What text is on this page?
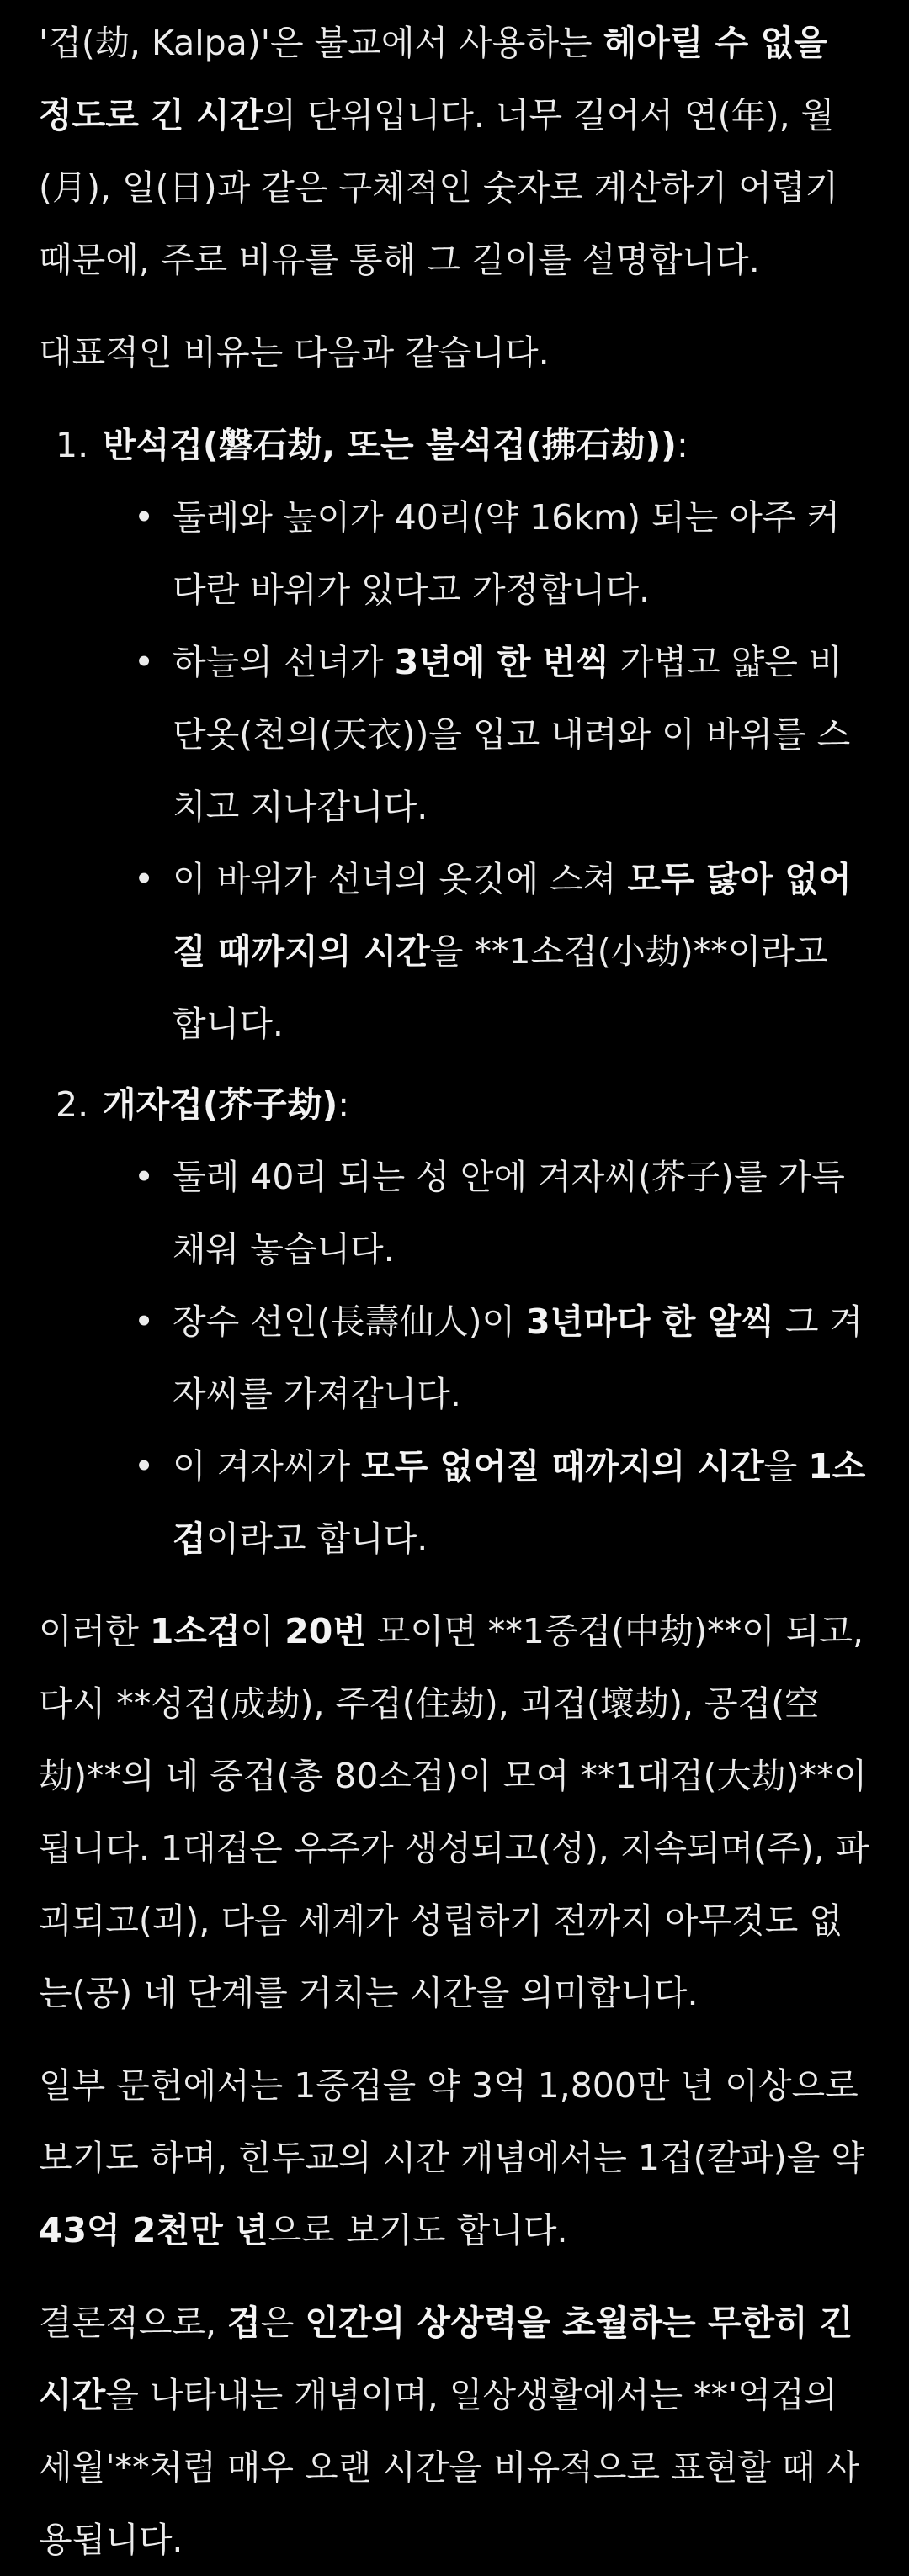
'겁(劫, Kalpa)'은 불교에서 사용하는 헤아릴 수 없을 정도로 긴 시간의 단위입니다. 너무 길어서 연(年), 월(月), 일(日)과 같은 구체적인 숫자로 계산하기 어렵기 때문에, 주로 비유를 통해 그 길이를 설명합니다.

대표적인 비유는 다음과 같습니다.

1. 반석겁(磐石劫, 또는 불석겁(拂石劫)):
• 둘레와 높이가 40리(약 16km) 되는 아주 커다란 바위가 있다고 가정합니다.
• 하늘의 선녀가 3년에 한 번씩 가볍고 얇은 비단옷(천의(天衣))을 입고 내려와 이 바위를 스치고 지나갑니다.
• 이 바위가 선녀의 옷깃에 스쳐 모두 닳아 없어질 때까지의 시간을 **1소겁(小劫)**이라고 합니다.
2. 개자겁(芥子劫):
• 둘레 40리 되는 성 안에 겨자씨(芥子)를 가득 채워 놓습니다.
• 장수 선인(長壽仙人)이 3년마다 한 알씩 그 겨자씨를 가져갑니다.
• 이 겨자씨가 모두 없어질 때까지의 시간을 1소겁이라고 합니다.

이러한 1소겁이 20번 모이면 **1중겁(中劫)**이 되고, 다시 **성겁(成劫), 주겁(住劫), 괴겁(壞劫), 공겁(空劫)**의 네 중겁(총 80소겁)이 모여 **1대겁(大劫)**이 됩니다. 1대겁은 우주가 생성되고(성), 지속되며(주), 파괴되고(괴), 다음 세계가 성립하기 전까지 아무것도 없는(공) 네 단계를 거치는 시간을 의미합니다.

일부 문헌에서는 1중겁을 약 3억 1,800만 년 이상으로 보기도 하며, 힌두교의 시간 개념에서는 1겁(칼파)을 약 43억 2천만 년으로 보기도 합니다.

결론적으로, 겁은 인간의 상상력을 초월하는 무한히 긴 시간을 나타내는 개념이며, 일상생활에서는 **'억겁의 세월'**처럼 매우 오랜 시간을 비유적으로 표현할 때 사용됩니다.
